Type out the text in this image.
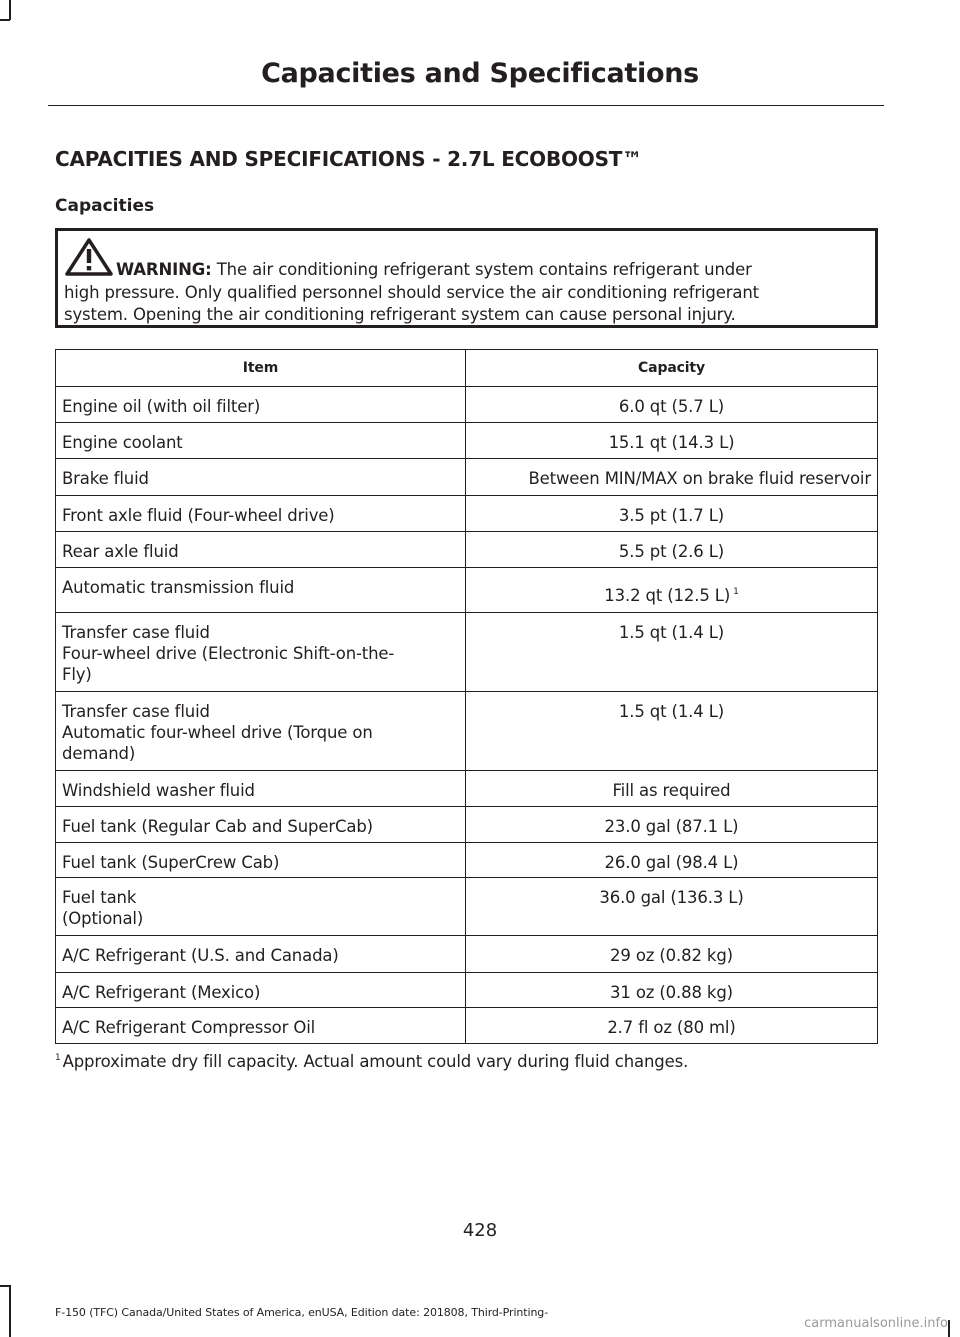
Capacities and Specifications
CAPACITIES AND SPECIFICATIONS - 2.7L ECOBOOST™
Capacities
WARNING: The air conditioning refrigerant system contains refrigerant under
high pressure. Only qualified personnel should service the air conditioning refrigerant
system. Opening the air conditioning refrigerant system can cause personal injury.
Item	Capacity
Engine oil (with oil filter)	6.0 qt (5.7 L)
Engine coolant	15.1 qt (14.3 L)
Brake fluid	Between MIN/MAX on brake fluid reservoir
Front axle fluid (Four-wheel drive)	3.5 pt (1.7 L)
Rear axle fluid	5.5 pt (2.6 L)
Automatic transmission fluid	13.2 qt (12.5 L) $^1$
Transfer case fluid
Four-wheel drive (Electronic Shift-on-the-
Fly)	1.5 qt (1.4 L)
Transfer case fluid
Automatic four-wheel drive (Torque on
demand)	1.5 qt (1.4 L)
Windshield washer fluid	Fill as required
Fuel tank (Regular Cab and SuperCab)	23.0 gal (87.1 L)
Fuel tank (SuperCrew Cab)	26.0 gal (98.4 L)
Fuel tank
(Optional)	36.0 gal (136.3 L)
A/C Refrigerant (U.S. and Canada)	29 oz (0.82 kg)
A/C Refrigerant (Mexico)	31 oz (0.88 kg)
A/C Refrigerant Compressor Oil	2.7 fl oz (80 ml)
$^1$ Approximate dry fill capacity. Actual amount could vary during fluid changes.
428
F-150 (TFC) Canada/United States of America, enUSA, Edition date: 201808, Third-Printing-
carmanualsonline.info
